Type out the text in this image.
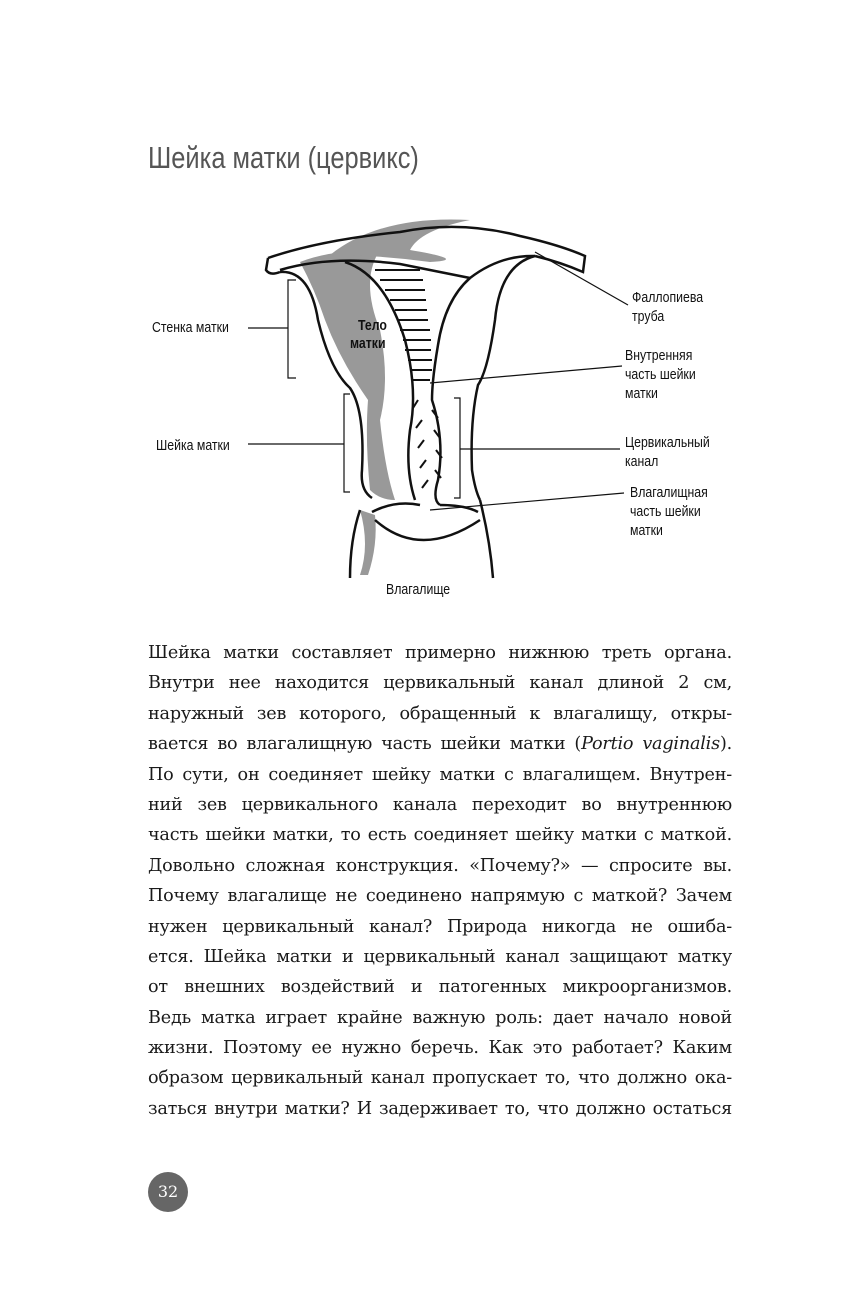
Шейка матки (цервикс)
Стенка матки	Тело
матки
Шейка матки
Фаллопиева
труба
Внутренняя
часть шейки
матки
Цервикальный
канал
Влагалищная
часть шейки
матки
Влагалище
Шейка матки составляет примерно нижнюю треть органа.
Внутри нее находится цервикальный канал длиной 2 см,
наружный зев которого, обращенный к влагалищу, откры-
вается во влагалищную часть шейки матки (Portio vaginalis).
По сути, он соединяет шейку матки с влагалищем. Внутрен-
ний зев цервикального канала переходит во внутреннюю
часть шейки матки, то есть соединяет шейку матки с маткой.
Довольно сложная конструкция. «Почему?» — спросите вы.
Почему влагалище не соединено напрямую с маткой? Зачем
нужен цервикальный канал? Природа никогда не ошиба-
ется. Шейка матки и цервикальный канал защищают матку
от внешних воздействий и патогенных микроорганизмов.
Ведь матка играет крайне важную роль: дает начало новой
жизни. Поэтому ее нужно беречь. Как это работает? Каким
образом цервикальный канал пропускает то, что должно ока-
заться внутри матки? И задерживает то, что должно остаться
32
